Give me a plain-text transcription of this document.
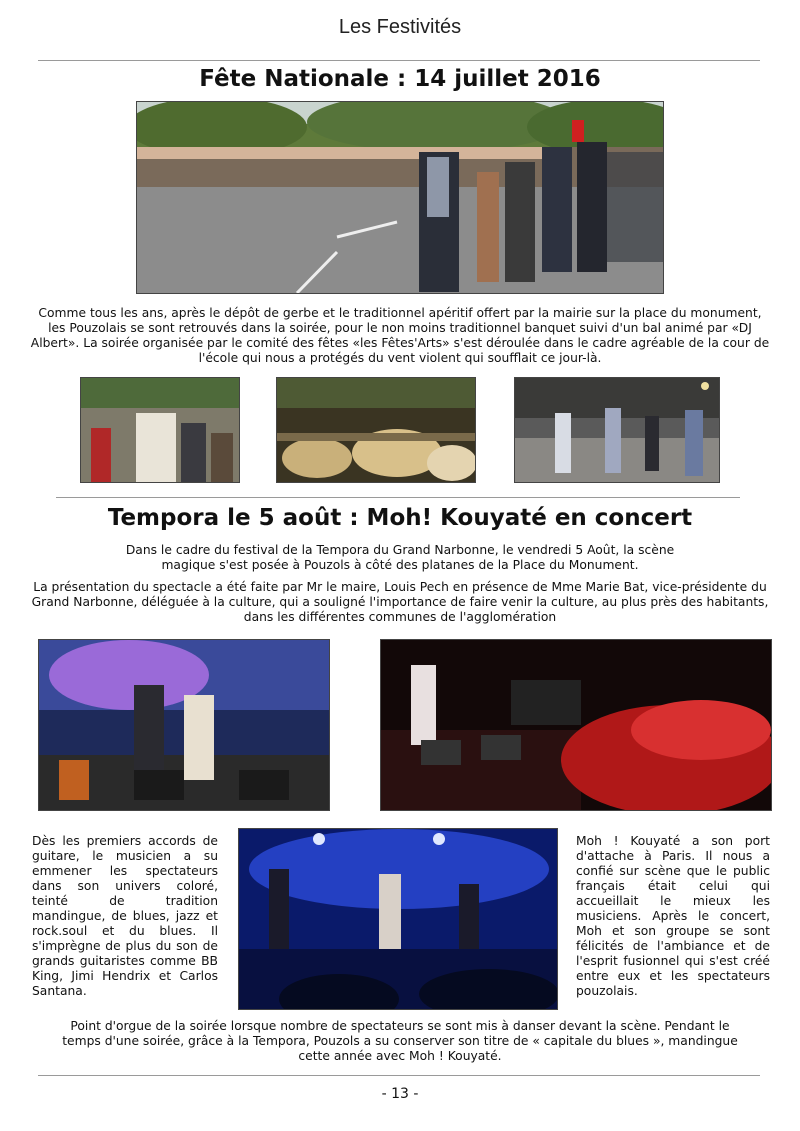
Les Festivités
Fête Nationale : 14 juillet 2016
Comme tous les ans, après le dépôt de gerbe et le traditionnel apéritif offert par la mairie sur la place du monument, les Pouzolais se sont retrouvés dans la soirée, pour le non moins traditionnel banquet suivi d'un bal animé par «DJ Albert». La soirée organisée par le comité des fêtes «les Fêtes'Arts» s'est déroulée dans le cadre agréable de la cour de l'école qui nous a protégés du vent violent qui soufflait ce jour-là.
Tempora le 5 août : Moh! Kouyaté en concert
Dans le cadre du festival de la Tempora du Grand Narbonne, le vendredi 5 Août, la scène magique s'est posée à Pouzols à côté des platanes de la Place du Monument.
La présentation du spectacle a été faite par Mr le maire, Louis Pech en présence de Mme Marie Bat, vice-présidente du Grand Narbonne, déléguée à la culture, qui a souligné l'importance de faire venir la culture, au plus près des habitants, dans les différentes communes de l'agglomération
Dès les premiers accords de guitare, le musicien a su emmener les spectateurs dans son univers coloré, teinté de tradition mandingue, de blues, jazz et rock.soul et du blues. Il s'imprègne de plus du son de grands guitaristes comme BB King, Jimi Hendrix et Carlos Santana.
Moh ! Kouyaté a son port d'attache à Paris. Il nous a confié sur scène que le public français était celui qui accueillait le mieux les musiciens. Après le concert, Moh et son groupe se sont félicités de l'ambiance et de l'esprit fusionnel qui s'est créé entre eux et les spectateurs pouzolais.
Point d'orgue de la soirée lorsque nombre de spectateurs se sont mis à danser devant la scène. Pendant le temps d'une soirée, grâce à la Tempora, Pouzols a su conserver son titre de « capitale du blues », mandingue cette année avec Moh ! Kouyaté.
- 13 -
